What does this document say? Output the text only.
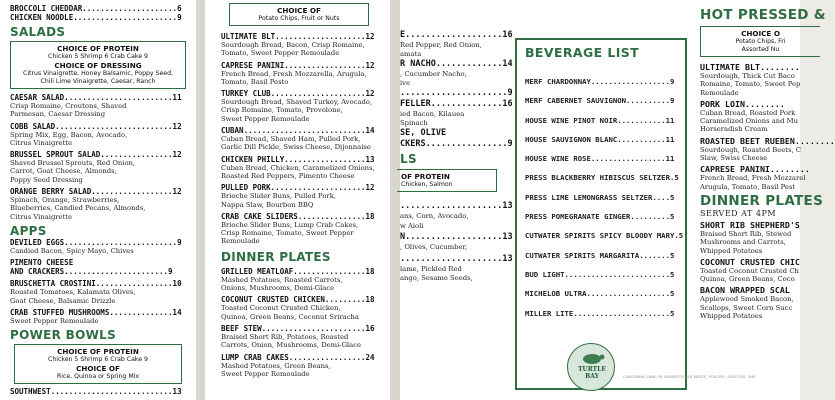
BROCCOLI CHEDDAR.....................6
CHICKEN NOODLE.......................9
SALADS
CHOICE OF PROTEIN
Chicken 5 Shrimp 6 Crab Cake 9
CHOICE OF DRESSING
Citrus Vinaigrette, Honey Balsamic, Poppy Seed,
Chili Lime Vinaigrette, Caesar, Ranch
CAESAR SALAD........................11
Crisp Romaine, Croutons, Shaved
Parmesan, Caesar Dressing
COBB SALAD..........................12
Spring Mix, Egg, Bacon, Avocado,
Citrus Vinaigrette
BRUSSEL SPROUT SALAD................12
Shaved Brussel Sprouts, Red Onion,
Carrot, Goat Cheese, Almonds,
Poppy Seed Dressing
ORANGE BERRY SALAD..................12
Spinach, Orange, Strawberries,
Blueberries, Candied Pecans, Almonds,
Citrus Vinaigrette
APPS
DEVILED EGGS.........................9
Candied Bacon, Spicy Mayo, Chives
PIMENTO CHEESE
AND CRACKERS.......................9
BRUSCHETTA CROSTINI.................10
Roasted Tomatoes, Kalamata Olives,
Goat Cheese, Balsamic Drizzle
CRAB STUFFED MUSHROOMS..............14
Sweet Pepper Remoulade
POWER BOWLS
CHOICE OF PROTEIN
Chicken 5 Shrimp 6 Crab Cake 9
CHOICE OF
Rice, Quinoa or Spring Mix
SOUTHWEST...........................13
CHOICE OF
Potato Chips, Fruit or Nuts
ULTIMATE BLT....................12
Sourdough Bread, Bacon, Crisp Romaine,
Tomato, Sweet Pepper Remoulade
CAPRESE PANINI..................12
French Bread, Fresh Mozzarella, Arugula,
Tomato, Basil Pesto
TURKEY CLUB.....................12
Sourdough Bread, Shaved Turkey, Avocado,
Crisp Romaine, Tomato, Provolone,
Sweet Pepper Remoulade
CUBAN...........................14
Cuban Bread, Shaved Ham, Pulled Pork,
Garlic Dill Pickle, Swiss Cheese, Dijonnaise
CHICKEN PHILLY..................13
Cuban Bread, Chicken, Caramelized Onions,
Roasted Red Peppers, Pimento Cheese
PULLED PORK.....................12
Brioche Slider Buns, Pulled Pork,
Nappa Slaw, Bourbon BBQ
CRAB CAKE SLIDERS...............18
Brioche Slider Buns, Lump Crab Cakes,
Crisp Romaine, Tomato, Sweet Pepper
Remoulade
DINNER PLATES
GRILLED MEATLOAF................18
Mashed Potatoes, Roasted Carrots,
Onions, Mushrooms, Demi-Glace
COCONUT CRUSTED CHICKEN.........18
Toasted Coconut Crusted Chicken,
Quinoa, Green Beans, Coconut Sriracha
BEEF STEW.......................16
Braised Short Rib, Potatoes, Roasted
Carrots, Onion, Mushrooms, Demi-Glace
LUMP CRAB CAKES.................24
Mashed Potatoes, Green Beans,
Sweet Pepper Remoulade
E...................16
Red Pepper, Red Onion,
amata
R NACHO.............14
, Cucumber Nacho,
ive
.....................9
FELLER..............16
ied Bacon, Kilauea
Spinach
SE, OLIVE
CKERS................9
LS
OF PROTEIN
Chicken, Salmon
....................13
ans, Corn, Avocado,
w Aioli
N...................13
, Olives, Cucumber,
....................13
lame, Pickled Red
ango, Sesame Seeds,
BEVERAGE LIST
MERF CHARDONNAY..................9
MERF CABERNET SAUVIGNON..........9
HOUSE WINE PINOT NOIR...........11
HOUSE SAUVIGNON BLANC...........11
HOUSE WINE ROSE.................11
PRESS BLACKBERRY HIBISCUS SELTZER.5
PRESS LIME LEMONGRASS SELTZER....5
PRESS POMEGRANATE GINGER.........5
CUTWATER SPIRITS SPICY BLOODY MARY.5
CUTWATER SPIRITS MARGARITA.......5
BUD LIGHT........................5
MICHELOB ULTRA...................5
MILLER LITE......................5
TURTLE
BAY	CONSUMING RAW OR UNDERCOOKED MEATS, POULTRY, SEAFOOD, SHE
HOT PRESSED &
CHOICE O
Potato Chips, Fri
Assorted Nu
ULTIMATE BLT........
Sourdough, Thick Cut Baco
Romaine, Tomato, Sweet Pep
Remoulade
PORK LOIN........
Cuban Bread, Roasted Pork
Caramelized Onions and Mu
Horseradish Cream
ROASTED BEET RUEBEN........
Sourdough, Roasted Beets, C
Slaw, Swiss Cheese
CAPRESE PANINI........
French Bread, Fresh Mozzarel
Arugula, Tomato, Basil Pest
DINNER PLATES
SERVED AT 4PM
SHORT RIB SHEPHERD'S
Braised Short Rib, Stewed
Mushrooms and Carrots,
Whipped Potatoes
COCONUT CRUSTED CHIC
Toasted Coconut Crusted Ch
Quinoa, Green Beans, Coco
BACON WRAPPED SCAL
Applewood Smoked Bacon,
Scallops, Sweet Corn Succ
Whipped Potatoes
